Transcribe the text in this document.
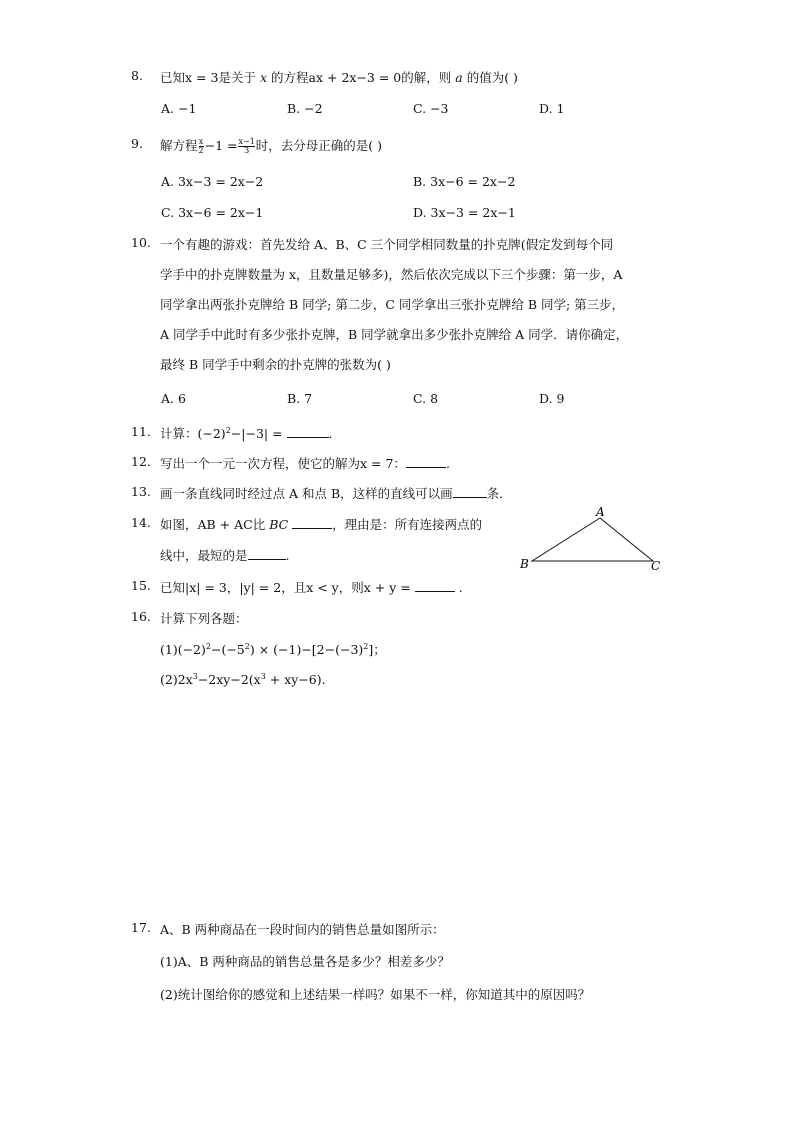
8. 已知x = 3是关于 x 的方程ax + 2x−3 = 0的解，则 a 的值为( )
A. −1	B. −2	C. −3	D. 1
9. 解方程 $\frac{x}{2} -1 = \frac{x-1}{3}$ 时，去分母正确的是( )
A. 3x−3 = 2x−2	B. 3x−6 = 2x−2
C. 3x−6 = 2x−1	D. 3x−3 = 2x−1
10. 一个有趣的游戏：首先发给 A、B、C 三个同学相同数量的扑克牌(假定发到每个同
学手中的扑克牌数量为 x，且数量足够多)，然后依次完成以下三个步骤：第一步，A
同学拿出两张扑克牌给 B 同学; 第二步，C 同学拿出三张扑克牌给 B 同学; 第三步，
A 同学手中此时有多少张扑克牌，B 同学就拿出多少张扑克牌给 A 同学．请你确定，
最终 B 同学手中剩余的扑克牌的张数为( )
A. 6	B. 7	C. 8	D. 9
11. 计算：$(-2)^2-|-3|$ =	.
12. 写出一个一元一次方程，使它的解为x = 7：	.
13. 画一条直线同时经过点 A 和点 B，这样的直线可以画	条．
14. 如图，AB + AC比 BC	，理由是：所有连接两点的
线中，最短的是	.
A
B	C
15. 已知|x| = 3，|y| = 2，且x < y，则x + y =	.
16. 计算下列各题：
$(1)(-2)^2-(-5^2) \times (-1)-[2-(-3)^2]$；
$(2)2x^3-2xy-2(x^3 + xy-6)$.
17. A、B 两种商品在一段时间内的销售总量如图所示：
(1)A、B 两种商品的销售总量各是多少？相差多少？
(2)统计图给你的感觉和上述结果一样吗？如果不一样，你知道其中的原因吗？
